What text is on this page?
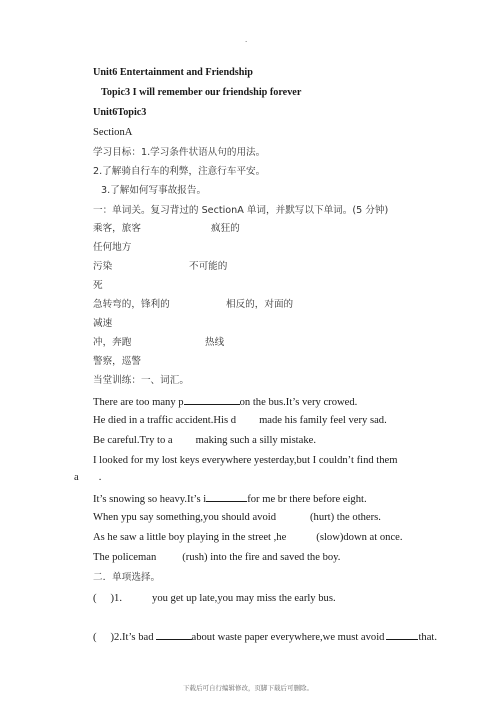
.
Unit6 Entertainment and Friendship
Topic3 I will remember our friendship forever
Unit6Topic3
SectionA
学习目标：1.学习条件状语从句的用法。
2.了解骑自行车的利弊，注意行车平安。
3.了解如何写事故报告。
一：单词关。复习背过的 SectionA 单词，并默写以下单词。(5 分钟)
乘客，旅客	疯狂的
任何地方
污染	不可能的
死
急转弯的，锋利的	相反的，对面的
减速
冲，奔跑	热线
警察，巡警
当堂训练：一、词汇。
There are too many p	on the bus.It’s very crowed.
He died in a traffic accident.His d made his family feel very sad.
Be careful.Try to a making such a silly mistake.
I looked for my lost keys everywhere yesterday,but I couldn’t find them
a .
It’s snowing so heavy.It’s i	for me br there before eight.
When ypu say something,you should avoid	(hurt) the others.
As he saw a little boy playing in the street ,he	(slow)down at once.
The policeman (rush) into the fire and saved the boy.
二．单项选择。
( )1.	you get up late,you may miss the early bus.
( )2.It’s bad	about waste paper everywhere,we must avoid	that.
下载后可自行编辑修改，页脚下载后可删除。
